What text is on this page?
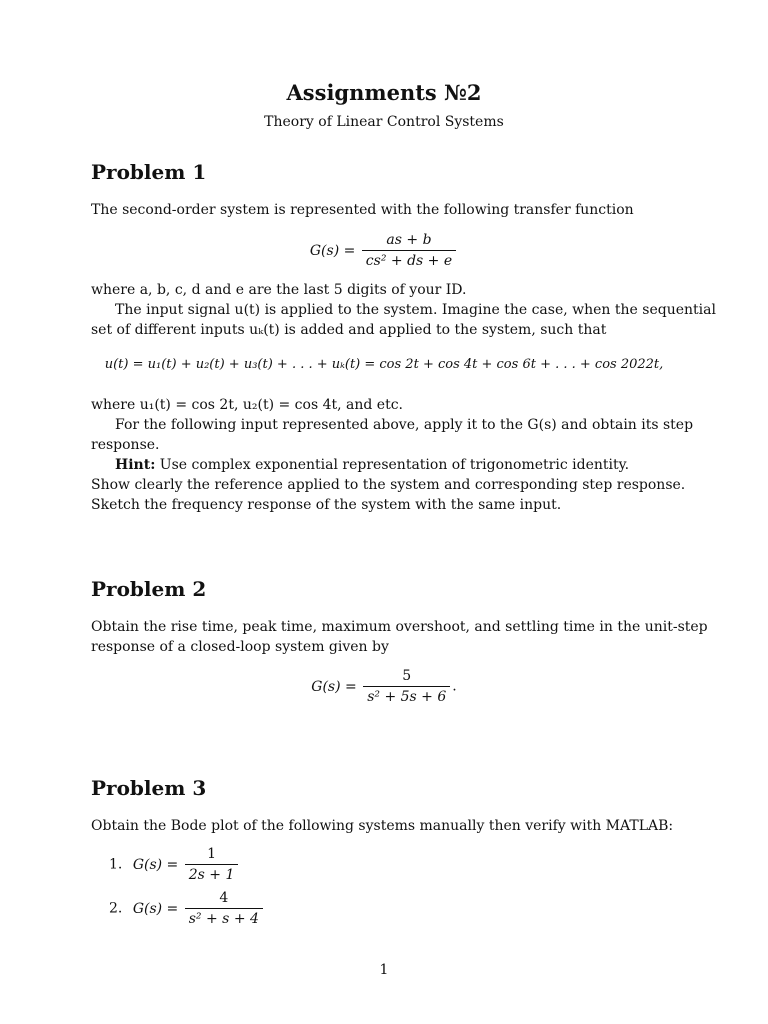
Assignments №2
Theory of Linear Control Systems
Problem 1
The second-order system is represented with the following transfer function
$G(s) = \frac{as + b}{\text{cs² + ds + e}}$
where a, b, c, d and e are the last 5 digits of your ID.
The input signal u(t) is applied to the system. Imagine the case, when the sequential
set of different inputs uₖ(t) is added and applied to the system, such that
u(t) = u₁(t) + u₂(t) + u₃(t) + . . . + uₖ(t) = cos 2t + cos 4t + cos 6t + . . . + cos 2022t,
where u₁(t) = cos 2t, u₂(t) = cos 4t, and etc.
For the following input represented above, apply it to the G(s) and obtain its step
response.
Hint: Use complex exponential representation of trigonometric identity.
Show clearly the reference applied to the system and corresponding step response.
Sketch the frequency response of the system with the same input.
Problem 2
Obtain the rise time, peak time, maximum overshoot, and settling time in the unit-step
response of a closed-loop system given by
$G(s) = \frac{5}{\text{s² + 5s + 6}}$ .
Problem 3
Obtain the Bode plot of the following systems manually then verify with MATLAB:
1. $G(s) = \frac{1}{2s + 1}$
2. $G(s) = \frac{4}{\text{s² + s + 4}}$
1
